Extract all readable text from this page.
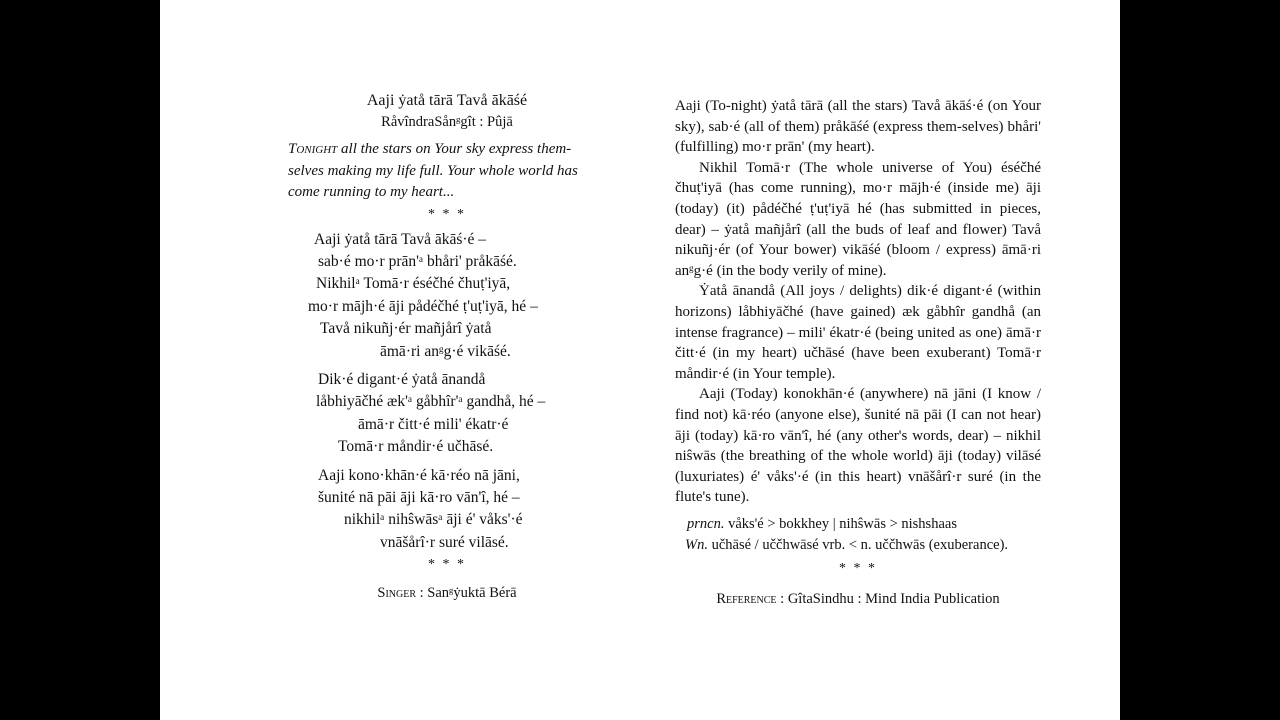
Aaji ẏatå tārā Tavå ākāśé
RåvîndraSånᵍgît : Pûjā
Tonight all the stars on Your sky express them-selves making my life full. Your whole world has come running to my heart...
* * *
Aaji ẏatå tārā Tavå ākāś·é –
sab·é mo·r prān'ᵃ bhåri' pråkāśé.
Nikhilᵃ Tomā·r éséčhé čhuṭ'iyā,
mo·r mājh·é āji pådéčhé ṭ'uṭ'iyā, hé –
Tavå nikuñj·ér mañjårî ẏatå
āmā·ri anᵍg·é vikāśé.
Dik·é digant·é ẏatå ānandå
låbhiyāčhé æk'ᵃ gåbhîr'ᵃ gandhå, hé –
āmā·r čitt·é mili' ékatr·é
Tomā·r måndir·é učhāsé.
Aaji kono·khān·é kā·réo nā jāni,
šunité nā pāi āji kā·ro vān'î, hé –
nikhilᵃ nihŝwāsᵃ āji é' våks'·é
vnāšårî·r suré vilāsé.
* * *
Singer : Sanᵍẏuktā Bérā

Aaji (To-night) ẏatå tārā (all the stars) Tavå ākāś·é (on Your sky), sab·é (all of them) pråkāśé (express them-selves) bhåri' (fulfilling) mo·r prān' (my heart).

Nikhil Tomā·r (The whole universe of You) éséčhé čhuṭ'iyā (has come running), mo·r mājh·é (inside me) āji (today) (it) pådéčhé ṭ'uṭ'iyā hé (has submitted in pieces, dear) – ẏatå mañjårî (all the buds of leaf and flower) Tavå nikuñj·ér (of Your bower) vikāśé (bloom / express) āmā·ri anᵍg·é (in the body verily of mine).

Ẏatå ānandå (All joys / delights) dik·é digant·é (within horizons) låbhiyāčhé (have gained) æk gåbhîr gandhå (an intense fragrance) – mili' ékatr·é (being united as one) āmā·r čitt·é (in my heart) učhāsé (have been exuberant) Tomā·r måndir·é (in Your temple).

Aaji (Today) konokhān·é (anywhere) nā jāni (I know / find not) kā·réo (anyone else), šunité nā pāi (I can not hear) āji (today) kā·ro vān'î, hé (any other's words, dear) – nikhil niŝwās (the breathing of the whole world) āji (today) vilāsé (luxuriates) é' våks'·é (in this heart) vnāšårî·r suré (in the flute's tune).

prncn. våks'é > bokkhey | nihŝwās > nishshaas
Wn. učhāsé / uččhwāsé vrb. < n. uččhwās (exuberance).
* * *
Reference : GîtaSindhu : Mind India Publication
